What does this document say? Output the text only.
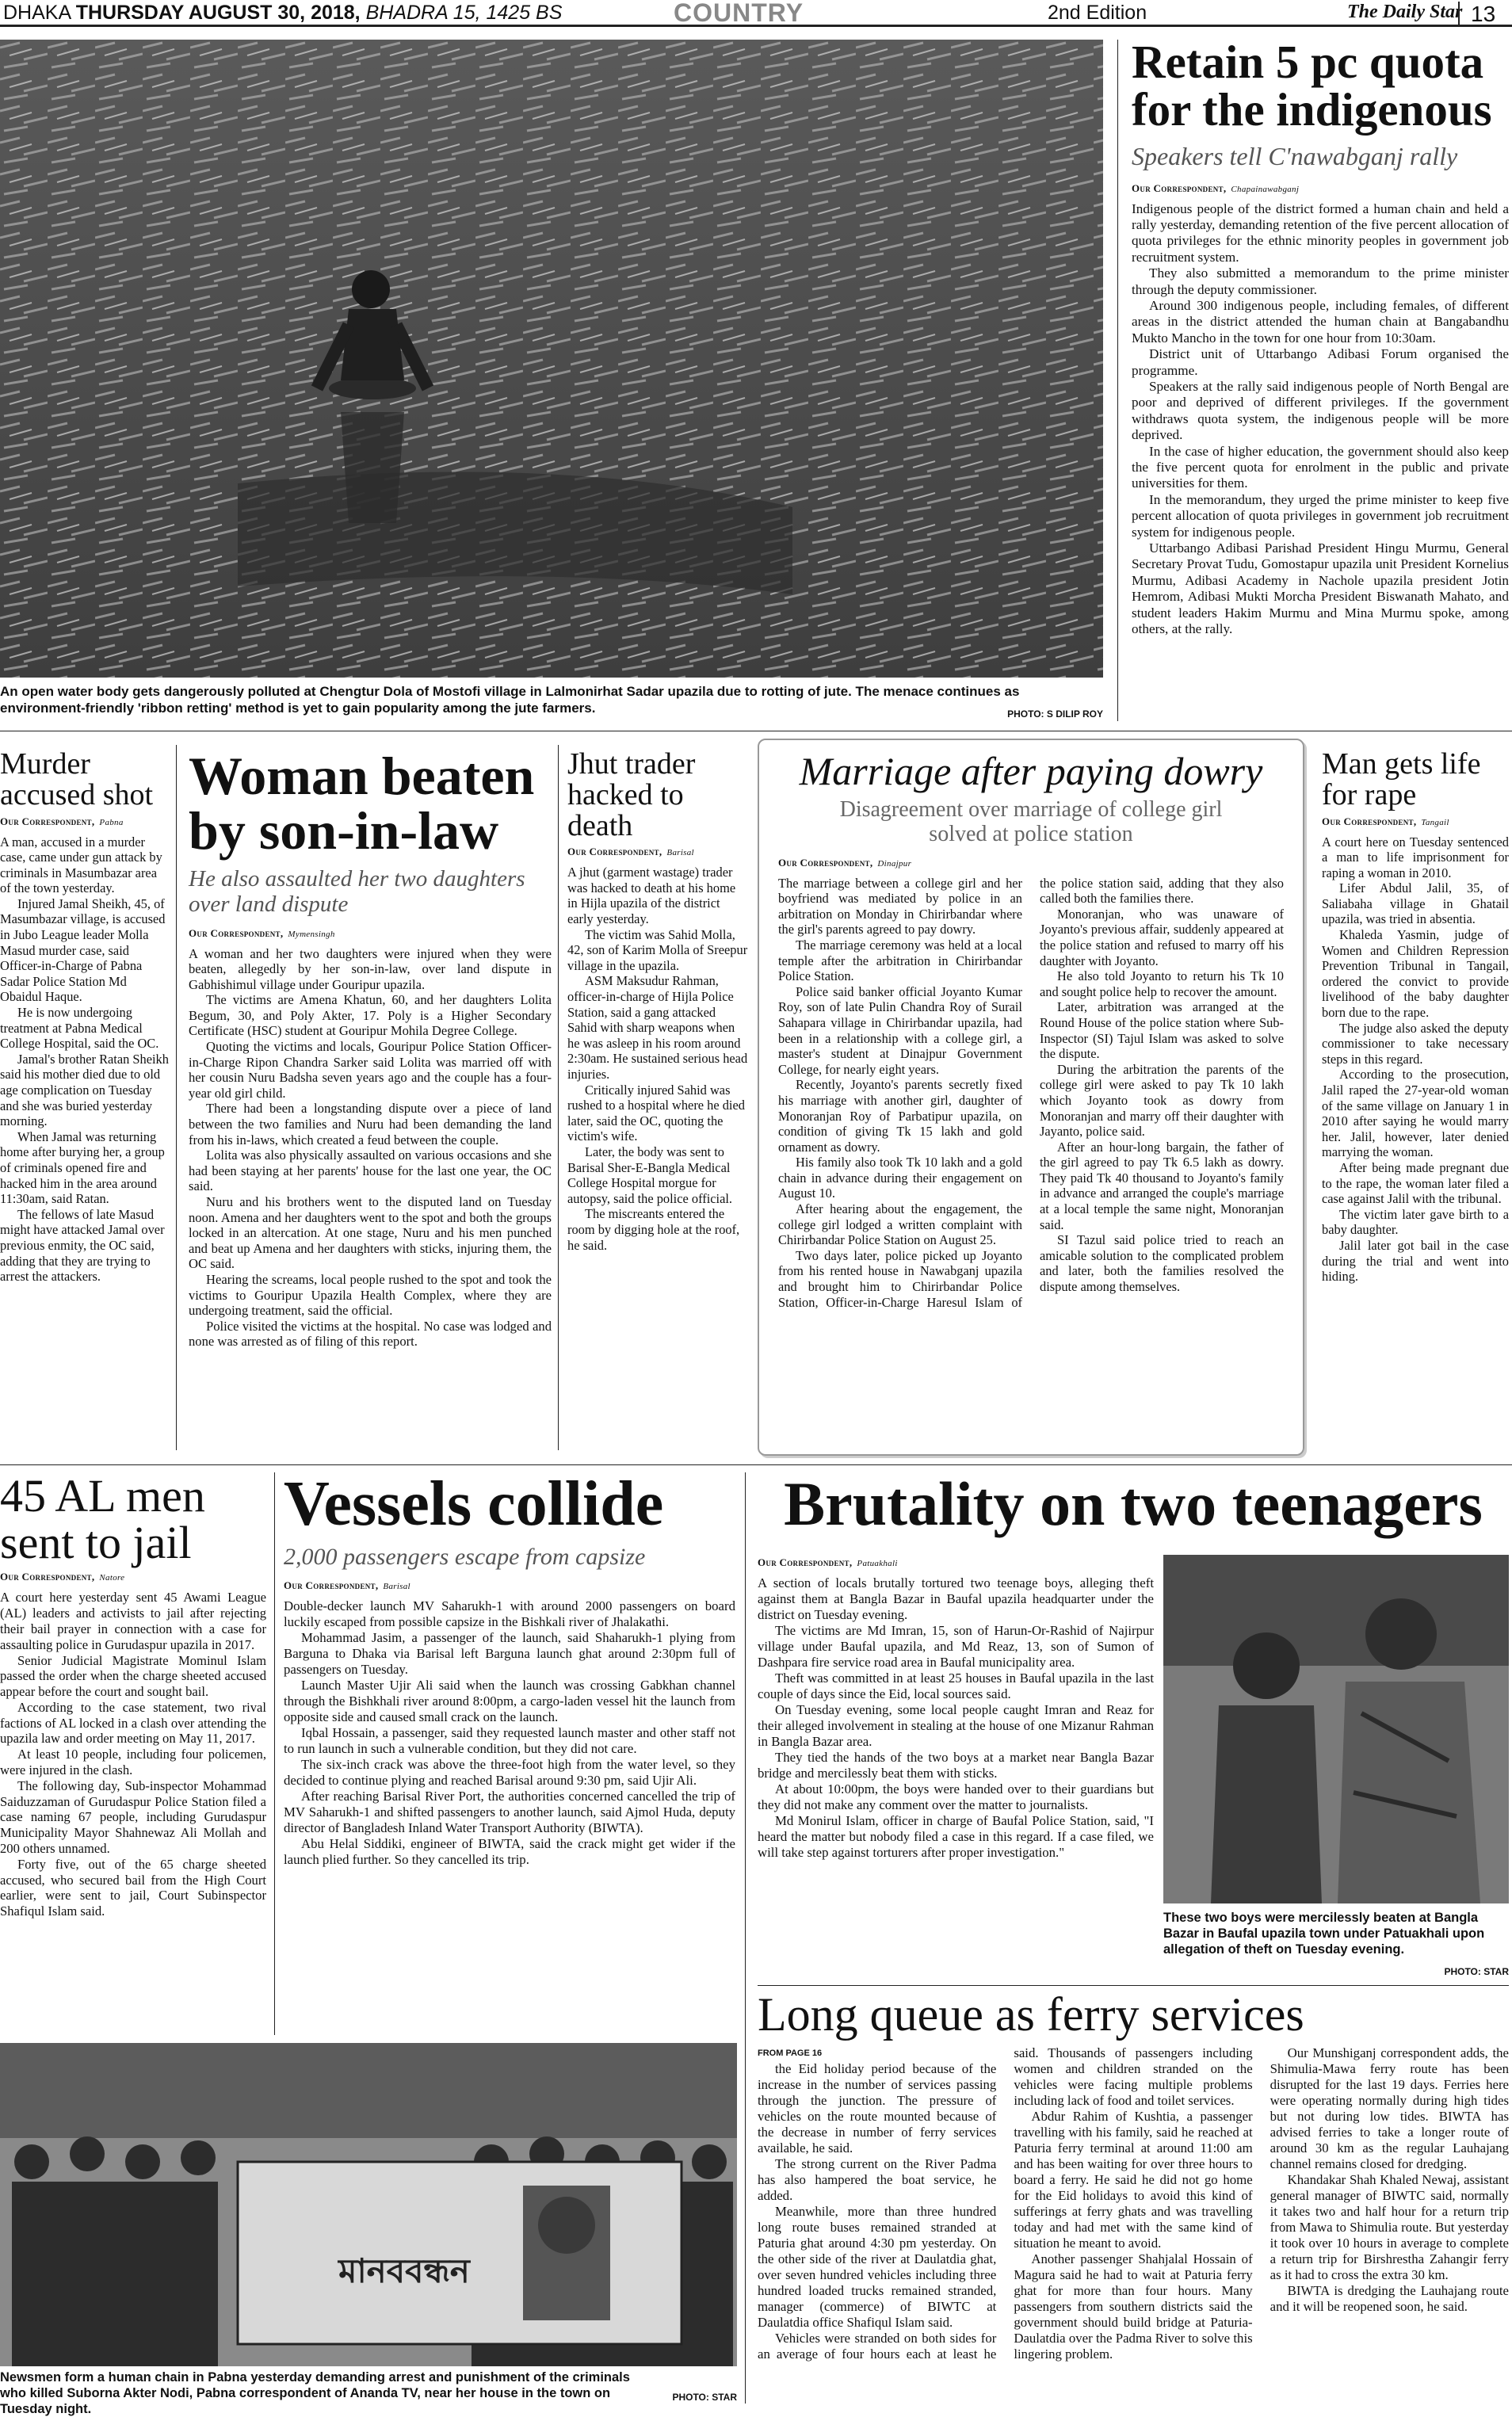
DHAKA THURSDAY AUGUST 30, 2018, BHADRA 15, 1425 BS	COUNTRY	2nd Edition	The Daily Star 13
An open water body gets dangerously polluted at Chengtur Dola of Mostofi village in Lalmonirhat Sadar upazila due to rotting of jute. The menace continues as environment-friendly 'ribbon retting' method is yet to gain popularity among the jute farmers.	PHOTO: S DILIP ROY
Retain 5 pc quota for the indigenous
Speakers tell C'nawabganj rally
Our Correspondent, Chapainawabganj

Indigenous people of the district formed a human chain and held a rally yesterday, demanding retention of the five percent allocation of quota privileges for the ethnic minority peoples in government job recruitment system.

They also submitted a memorandum to the prime minister through the deputy commissioner.

Around 300 indigenous people, including females, of different areas in the district attended the human chain at Bangabandhu Mukto Mancho in the town for one hour from 10:30am.

District unit of Uttarbango Adibasi Forum organised the programme.

Speakers at the rally said indigenous people of North Bengal are poor and deprived of different privileges. If the government withdraws quota system, the indigenous people will be more deprived.

In the case of higher education, the government should also keep the five percent quota for enrolment in the public and private universities for them.

In the memorandum, they urged the prime minister to keep five percent allocation of quota privileges in government job recruitment system for indigenous people.

Uttarbango Adibasi Parishad President Hingu Murmu, General Secretary Provat Tudu, Gomostapur upazila unit President Kornelius Murmu, Adibasi Academy in Nachole upazila president Jotin Hemrom, Adibasi Mukti Morcha President Biswanath Mahato, and student leaders Hakim Murmu and Mina Murmu spoke, among others, at the rally.

Murder accused shot
Our Correspondent, Pabna

A man, accused in a murder case, came under gun attack by criminals in Masumbazar area of the town yesterday.

Injured Jamal Sheikh, 45, of Masumbazar village, is accused in Jubo League leader Molla Masud murder case, said Officer-in-Charge of Pabna Sadar Police Station Md Obaidul Haque.

He is now undergoing treatment at Pabna Medical College Hospital, said the OC.

Jamal's brother Ratan Sheikh said his mother died due to old age complication on Tuesday and she was buried yesterday morning.

When Jamal was returning home after burying her, a group of criminals opened fire and hacked him in the area around 11:30am, said Ratan.

The fellows of late Masud might have attacked Jamal over previous enmity, the OC said, adding that they are trying to arrest the attackers.

Woman beaten by son-in-law
He also assaulted her two daughters over land dispute
Our Correspondent, Mymensingh

A woman and her two daughters were injured when they were beaten, allegedly by her son-in-law, over land dispute in Gabhishimul village under Gouripur upazila.

The victims are Amena Khatun, 60, and her daughters Lolita Begum, 30, and Poly Akter, 17. Poly is a Higher Secondary Certificate (HSC) student at Gouripur Mohila Degree College.

Quoting the victims and locals, Gouripur Police Station Officer-in-Charge Ripon Chandra Sarker said Lolita was married off with her cousin Nuru Badsha seven years ago and the couple has a four-year old girl child.

There had been a longstanding dispute over a piece of land between the two families and Nuru had been demanding the land from his in-laws, which created a feud between the couple.

Lolita was also physically assaulted on various occasions and she had been staying at her parents' house for the last one year, the OC said.

Nuru and his brothers went to the disputed land on Tuesday noon. Amena and her daughters went to the spot and both the groups locked in an altercation. At one stage, Nuru and his men punched and beat up Amena and her daughters with sticks, injuring them, the OC said.

Hearing the screams, local people rushed to the spot and took the victims to Gouripur Upazila Health Complex, where they are undergoing treatment, said the official.

Police visited the victims at the hospital. No case was lodged and none was arrested as of filing of this report.

Jhut trader hacked to death
Our Correspondent, Barisal

A jhut (garment wastage) trader was hacked to death at his home in Hijla upazila of the district early yesterday.

The victim was Sahid Molla, 42, son of Karim Molla of Sreepur village in the upazila.

ASM Maksudur Rahman, officer-in-charge of Hijla Police Station, said a gang attacked Sahid with sharp weapons when he was asleep in his room around 2:30am. He sustained serious head injuries.

Critically injured Sahid was rushed to a hospital where he died later, said the OC, quoting the victim's wife.

Later, the body was sent to Barisal Sher-E-Bangla Medical College Hospital morgue for autopsy, said the police official.

The miscreants entered the room by digging hole at the roof, he said.

Marriage after paying dowry
Disagreement over marriage of college girl solved at police station
Our Correspondent, Dinajpur

The marriage between a college girl and her boyfriend was mediated by police in an arbitration on Monday in Chirirbandar where the girl's parents agreed to pay dowry.

The marriage ceremony was held at a local temple after the arbitration in Chirirbandar Police Station.

Police said banker official Joyanto Kumar Roy, son of late Pulin Chandra Roy of Surail Sahapara village in Chirirbandar upazila, had been in a relationship with a college girl, a master's student at Dinajpur Government College, for nearly eight years.

Recently, Joyanto's parents secretly fixed his marriage with another girl, daughter of Monoranjan Roy of Parbatipur upazila, on condition of giving Tk 15 lakh and gold ornament as dowry.

His family also took Tk 10 lakh and a gold chain in advance during their engagement on August 10.

After hearing about the engagement, the college girl lodged a written complaint with Chirirbandar Police Station on August 25.

Two days later, police picked up Joyanto from his rented house in Nawabganj upazila and brought him to Chirirbandar Police Station, Officer-in-Charge Haresul Islam of the police station said, adding that they also called both the families there.

Monoranjan, who was unaware of Joyanto's previous affair, suddenly appeared at the police station and refused to marry off his daughter with Joyanto.

He also told Joyanto to return his Tk 10 and sought police help to recover the amount.

Later, arbitration was arranged at the Round House of the police station where Sub-Inspector (SI) Tajul Islam was asked to solve the dispute.

During the arbitration the parents of the college girl were asked to pay Tk 10 lakh which Joyanto took as dowry from Monoranjan and marry off their daughter with Jayanto, police said.

After an hour-long bargain, the father of the girl agreed to pay Tk 6.5 lakh as dowry. They paid Tk 40 thousand to Joyanto's family in advance and arranged the couple's marriage at a local temple the same night, Monoranjan said.

SI Tazul said police tried to reach an amicable solution to the complicated problem and later, both the families resolved the dispute among themselves.

Man gets life for rape
Our Correspondent, Tangail

A court here on Tuesday sentenced a man to life imprisonment for raping a woman in 2010.

Lifer Abdul Jalil, 35, of Saliabaha village in Ghatail upazila, was tried in absentia.

Khaleda Yasmin, judge of Women and Children Repression Prevention Tribunal in Tangail, ordered the convict to provide livelihood of the baby daughter born due to the rape.

The judge also asked the deputy commissioner to take necessary steps in this regard.

According to the prosecution, Jalil raped the 27-year-old woman of the same village on January 1 in 2010 after saying he would marry her. Jalil, however, later denied marrying the woman.

After being made pregnant due to the rape, the woman later filed a case against Jalil with the tribunal.

The victim later gave birth to a baby daughter.

Jalil later got bail in the case during the trial and went into hiding.

45 AL men sent to jail
Our Correspondent, Natore

A court here yesterday sent 45 Awami League (AL) leaders and activists to jail after rejecting their bail prayer in connection with a case for assaulting police in Gurudaspur upazila in 2017.

Senior Judicial Magistrate Mominul Islam passed the order when the charge sheeted accused appear before the court and sought bail.

According to the case statement, two rival factions of AL locked in a clash over attending the upazila law and order meeting on May 11, 2017.

At least 10 people, including four policemen, were injured in the clash.

The following day, Sub-inspector Mohammad Saiduzzaman of Gurudaspur Police Station filed a case naming 67 people, including Gurudaspur Municipality Mayor Shahnewaz Ali Mollah and 200 others unnamed.

Forty five, out of the 65 charge sheeted accused, who secured bail from the High Court earlier, were sent to jail, Court Subinspector Shafiqul Islam said.

Vessels collide
2,000 passengers escape from capsize
Our Correspondent, Barisal

Double-decker launch MV Saharukh-1 with around 2000 passengers on board luckily escaped from possible capsize in the Bishkali river of Jhalakathi.

Mohammad Jasim, a passenger of the launch, said Shaharukh-1 plying from Barguna to Dhaka via Barisal left Barguna launch ghat around 2:30pm full of passengers on Tuesday.

Launch Master Ujir Ali said when the launch was crossing Gabkhan channel through the Bishkhali river around 8:00pm, a cargo-laden vessel hit the launch from opposite side and caused small crack on the launch.

Iqbal Hossain, a passenger, said they requested launch master and other staff not to run launch in such a vulnerable condition, but they did not care.

The six-inch crack was above the three-foot high from the water level, so they decided to continue plying and reached Barisal around 9:30 pm, said Ujir Ali.

After reaching Barisal River Port, the authorities concerned cancelled the trip of MV Saharukh-1 and shifted passengers to another launch, said Ajmol Huda, deputy director of Bangladesh Inland Water Transport Authority (BIWTA).

Abu Helal Siddiki, engineer of BIWTA, said the crack might get wider if the launch plied further. So they cancelled its trip.

Brutality on two teenagers
Our Correspondent, Patuakhali

A section of locals brutally tortured two teenage boys, alleging theft against them at Bangla Bazar in Baufal upazila headquarter under the district on Tuesday evening.

The victims are Md Imran, 15, son of Harun-Or-Rashid of Najirpur village under Baufal upazila, and Md Reaz, 13, son of Sumon of Dashpara fire service road area in Baufal municipality area.

Theft was committed in at least 25 houses in Baufal upazila in the last couple of days since the Eid, local sources said.

On Tuesday evening, some local people caught Imran and Reaz for their alleged involvement in stealing at the house of one Mizanur Rahman in Bangla Bazar area.

They tied the hands of the two boys at a market near Bangla Bazar bridge and mercilessly beat them with sticks.

At about 10:00pm, the boys were handed over to their guardians but they did not make any comment over the matter to journalists.

Md Monirul Islam, officer in charge of Baufal Police Station, said, "I heard the matter but nobody filed a case in this regard. If a case filed, we will take step against torturers after proper investigation."

These two boys were mercilessly beaten at Bangla Bazar in Baufal upazila town under Patuakhali upon allegation of theft on Tuesday evening.
PHOTO: STAR
Long queue as ferry services
FROM PAGE 16

the Eid holiday period because of the increase in the number of services passing through the junction. The pressure of vehicles on the route mounted because of the decrease in number of ferry services available, he said.

The strong current on the River Padma has also hampered the boat service, he added.

Meanwhile, more than three hundred long route buses remained stranded at Paturia ghat around 4:30 pm yesterday. On the other side of the river at Daulatdia ghat, over seven hundred vehicles including three hundred loaded trucks remained stranded, manager (commerce) of BIWTC at Daulatdia office Shafiqul Islam said.

Vehicles were stranded on both sides for an average of four hours each at least he said. Thousands of passengers including women and children stranded on the vehicles were facing multiple problems including lack of food and toilet services.

Abdur Rahim of Kushtia, a passenger travelling with his family, said he reached at Paturia ferry terminal at around 11:00 am and has been waiting for over three hours to board a ferry. He said he did not go home for the Eid holidays to avoid this kind of sufferings at ferry ghats and was travelling today and had met with the same kind of situation he meant to avoid.

Another passenger Shahjalal Hossain of Magura said he had to wait at Paturia ferry ghat for more than four hours. Many passengers from southern districts said the government should build bridge at Paturia-Daulatdia over the Padma River to solve this lingering problem.

Our Munshiganj correspondent adds, the Shimulia-Mawa ferry route has been disrupted for the last 19 days. Ferries here were operating normally during high tides but not during low tides. BIWTA has advised ferries to take a longer route of around 30 km as the regular Lauhajang channel remains closed for dredging.

Khandakar Shah Khaled Newaj, assistant general manager of BIWTC said, normally it takes two and half hour for a return trip from Mawa to Shimulia route. But yesterday it took over 10 hours in average to complete a return trip for Birshrestha Zahangir ferry as it had to cross the extra 30 km.

BIWTA is dredging the Lauhajang route and it will be reopened soon, he said.

মানববন্ধন
Newsmen form a human chain in Pabna yesterday demanding arrest and punishment of the criminals who killed Suborna Akter Nodi, Pabna correspondent of Ananda TV, near her house in the town on Tuesday night.
PHOTO: STAR
